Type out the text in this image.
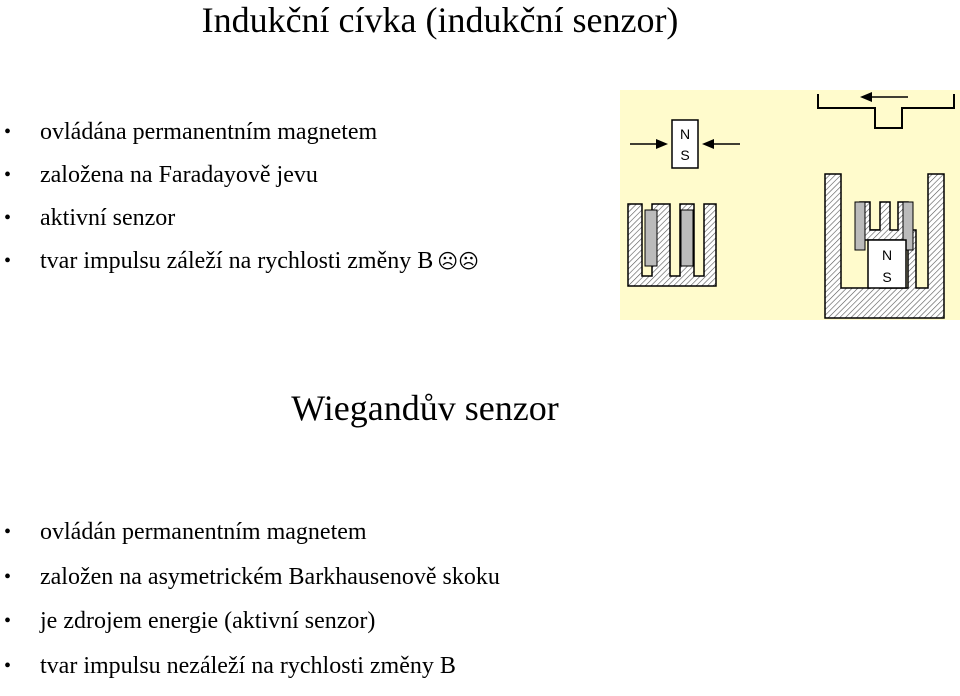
Indukční cívka (indukční senzor)
• ovládána permanentním magnetem
• založena na Faradayově jevu
• aktivní senzor
• tvar impulsu záleží na rychlosti změny B ☹☹
N
S
N
S
Wiegandův senzor
• ovládán permanentním magnetem
• založen na asymetrickém Barkhausenově skoku
• je zdrojem energie (aktivní senzor)
• tvar impulsu nezáleží na rychlosti změny B
